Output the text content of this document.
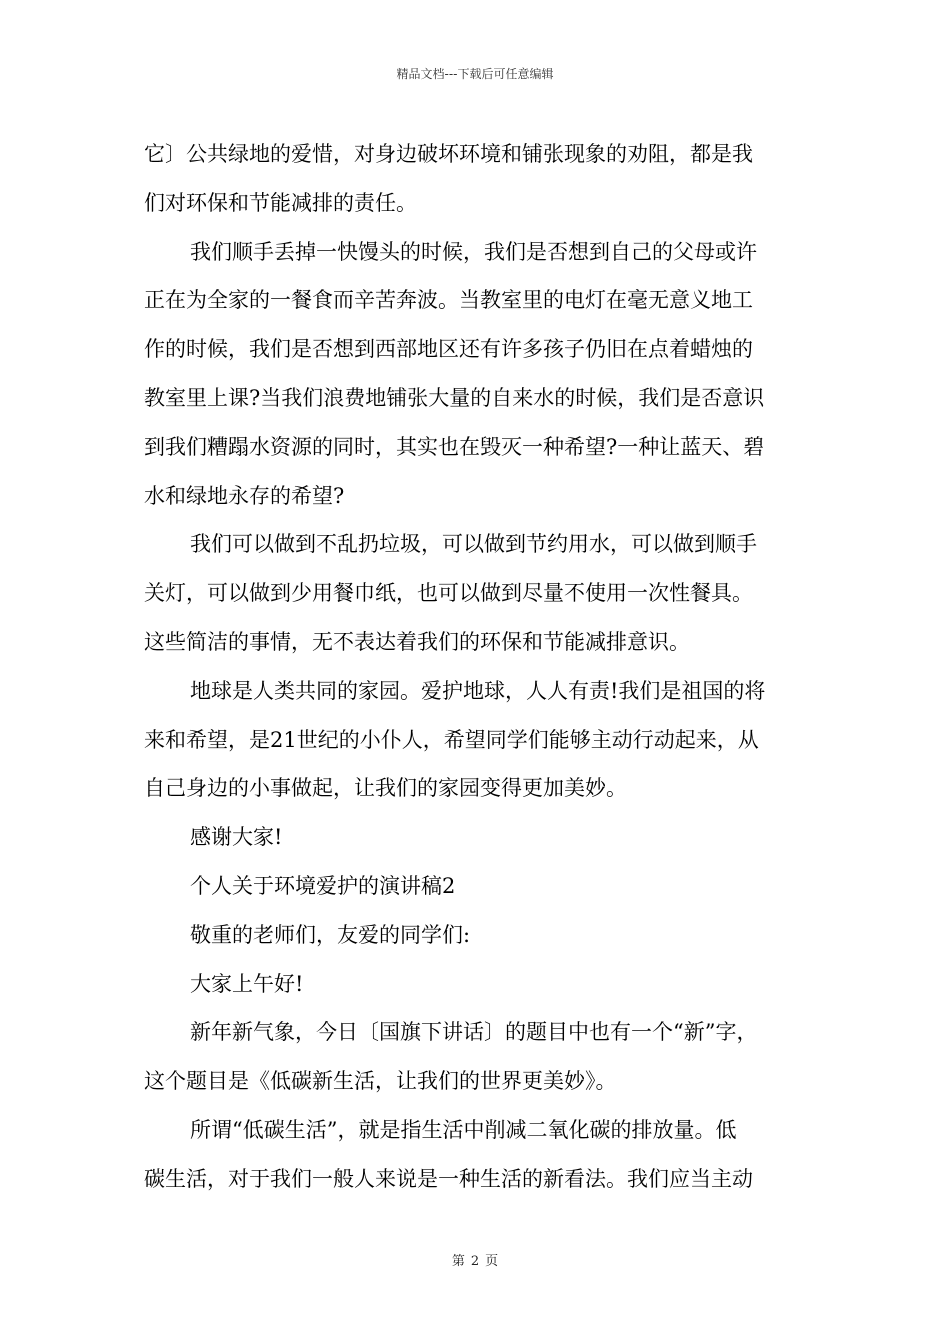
精品文档---下载后可任意编辑
它〕公共绿地的爱惜，对身边破坏环境和铺张现象的劝阻，都是我
们对环保和节能减排的责任。
我们顺手丢掉一快馒头的时候，我们是否想到自己的父母或许
正在为全家的一餐食而辛苦奔波。当教室里的电灯在毫无意义地工
作的时候，我们是否想到西部地区还有许多孩子仍旧在点着蜡烛的
教室里上课?当我们浪费地铺张大量的自来水的时候，我们是否意识
到我们糟蹋水资源的同时，其实也在毁灭一种希望?一种让蓝天、碧
水和绿地永存的希望?
我们可以做到不乱扔垃圾，可以做到节约用水，可以做到顺手
关灯，可以做到少用餐巾纸，也可以做到尽量不使用一次性餐具。
这些简洁的事情，无不表达着我们的环保和节能减排意识。
地球是人类共同的家园。爱护地球，人人有责!我们是祖国的将
来和希望，是21世纪的小仆人，希望同学们能够主动行动起来，从
自己身边的小事做起，让我们的家园变得更加美妙。
感谢大家!
个人关于环境爱护的演讲稿2
敬重的老师们，友爱的同学们:
大家上午好!
新年新气象，今日〔国旗下讲话〕的题目中也有一个“新”字，
这个题目是《低碳新生活，让我们的世界更美妙》。
所谓“低碳生活”，就是指生活中削减二氧化碳的排放量。低
碳生活，对于我们一般人来说是一种生活的新看法。我们应当主动
第 2 页
